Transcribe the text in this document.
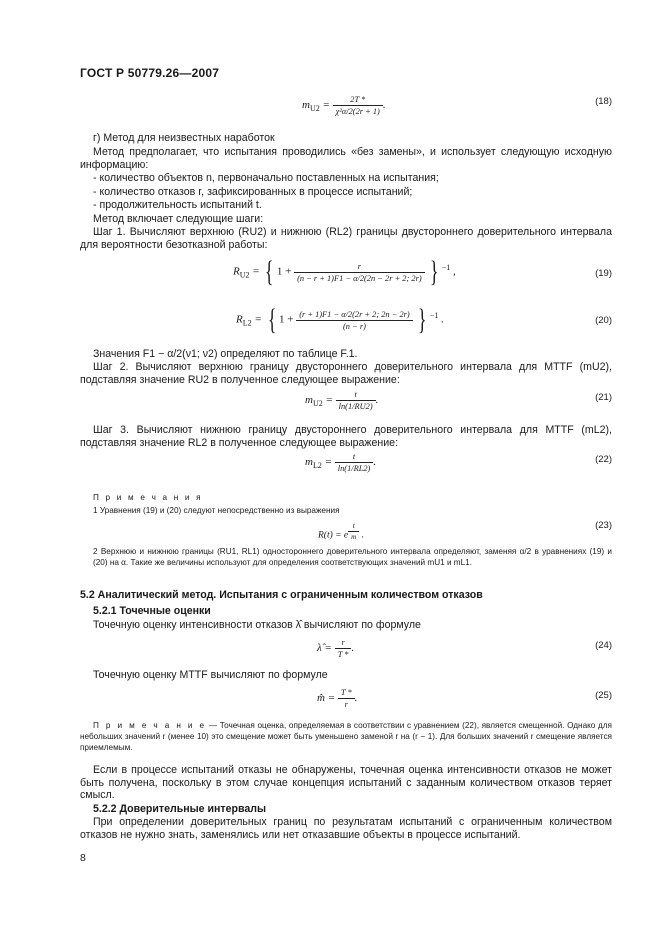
ГОСТ Р 50779.26—2007
$m_{U2} = \frac{2T *}{\text{χ²α/2(2r + 1)}}$ .	(18)
г) Метод для неизвестных наработок
Метод предполагает, что испытания проводились «без замены», и использует следующую исходную информацию:
- количество объектов n, первоначально поставленных на испытания;
- количество отказов r, зафиксированных в процессе испытаний;
- продолжительность испытаний t.
Метод включает следующие шаги:
Шаг 1. Вычисляют верхнюю (RU2) и нижнюю (RL2) границы двустороннего доверительного интервала для вероятности безотказной работы:
$R_{U2}$ = { $1 + \frac{r}{(n - r + 1)F1 - \alpha/2(2n - 2r + 2; 2r)}$ } $^{-1}$ ,	(19)
$R_{L2}$ = { $1 + \frac{(r + 1)F1 - \alpha/2(2r + 2; 2n - 2r)}{(n - r)}$ } $^{-1}$ .	(20)
Значения F1 − α/2(ν1; ν2) определяют по таблице F.1.
Шаг 2. Вычисляют верхнюю границу двустороннего доверительного интервала для MTTF (mU2), подставляя значение RU2 в полученное следующее выражение:
$m_{U2} = \frac{t}{\ln(1/RU2)}$ .	(21)
Шаг 3. Вычисляют нижнюю границу двустороннего доверительного интервала для MTTF (mL2), подставляя значение RL2 в полученное следующее выражение:
$m_{L2} = \frac{t}{\ln(1/RL2)}$ .	(22)
П р и м е ч а н и я
1 Уравнения (19) и (20) следуют непосредственно из выражения
R(t) = e $^{\frac{t}{m}}$ .
(23)
2 Верхнюю и нижнюю границы (RU1, RL1) одностороннего доверительного интервала определяют, заменяя α/2 в уравнениях (19) и (20) на α. Такие же величины используют для определения соответствующих значений mU1 и mL1.
5.2 Аналитический метод. Испытания с ограниченным количеством отказов
5.2.1 Точечные оценки
Точечную оценку интенсивности отказов λ̂ вычисляют по формуле
λ̂ = $\frac{r}{T *}$ .	(24)
Точечную оценку MTTF вычисляют по формуле
m̂ = $\frac{T *}{r}$ .	(25)
П р и м е ч а н и е — Точечная оценка, определяемая в соответствии с уравнением (22), является смещенной. Однако для небольших значений r (менее 10) это смещение может быть уменьшено заменой r на (r − 1). Для больших значений r смещение является приемлемым.
Если в процессе испытаний отказы не обнаружены, точечная оценка интенсивности отказов не может быть получена, поскольку в этом случае концепция испытаний с заданным количеством отказов теряет смысл.
5.2.2 Доверительные интервалы
При определении доверительных границ по результатам испытаний с ограниченным количеством отказов не нужно знать, заменялись или нет отказавшие объекты в процессе испытаний.
8
